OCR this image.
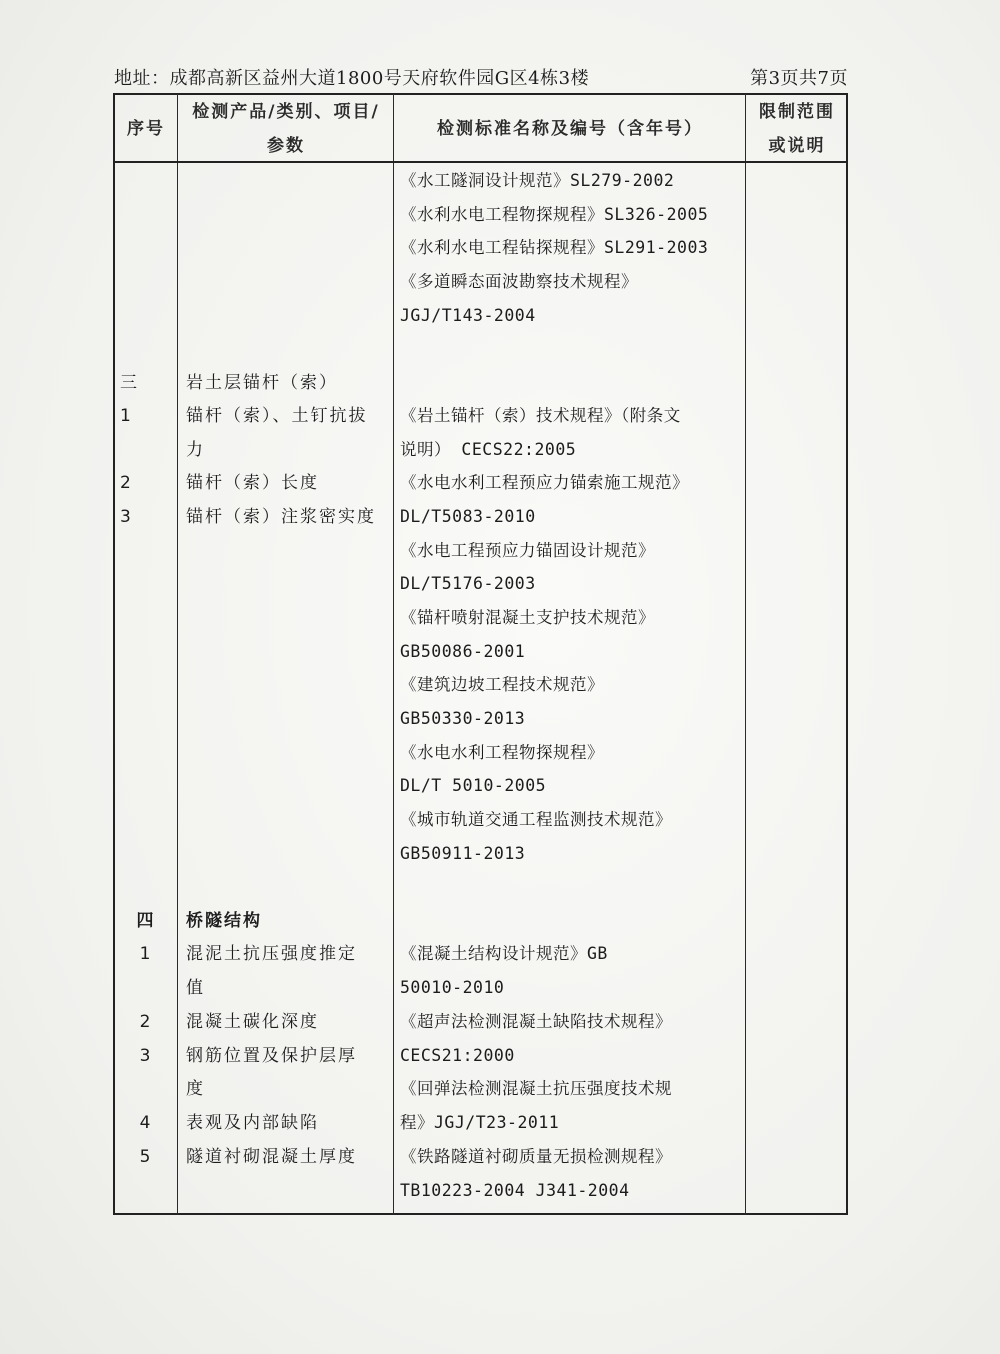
地址：成都高新区益州大道1800号天府软件园G区4栋3楼	第3页共7页
序号
检测产品/类别、项目/
参数
检测标准名称及编号（含年号）
限制范围
或说明
《水工隧洞设计规范》SL279-2002
《水利水电工程物探规程》SL326-2005
《水利水电工程钻探规程》SL291-2003
《多道瞬态面波勘察技术规程》
JGJ/T143-2004
《岩土锚杆（索）技术规程》（附条文
说明） CECS22:2005
《水电水利工程预应力锚索施工规范》
DL/T5083-2010
《水电工程预应力锚固设计规范》
DL/T5176-2003
《锚杆喷射混凝土支护技术规范》
GB50086-2001
《建筑边坡工程技术规范》
GB50330-2013
《水电水利工程物探规程》
DL/T 5010-2005
《城市轨道交通工程监测技术规范》
GB50911-2013
《混凝土结构设计规范》GB
50010-2010
《超声法检测混凝土缺陷技术规程》
CECS21:2000
《回弹法检测混凝土抗压强度技术规
程》JGJ/T23-2011
《铁路隧道衬砌质量无损检测规程》
TB10223-2004 J341-2004
三
1
2
3
四
1
2
3
4
5
岩土层锚杆（索）
锚杆（索）、土钉抗拔
力
锚杆（索）长度
锚杆（索）注浆密实度
桥隧结构
混泥土抗压强度推定
值
混凝土碳化深度
钢筋位置及保护层厚
度
表观及内部缺陷
隧道衬砌混凝土厚度
